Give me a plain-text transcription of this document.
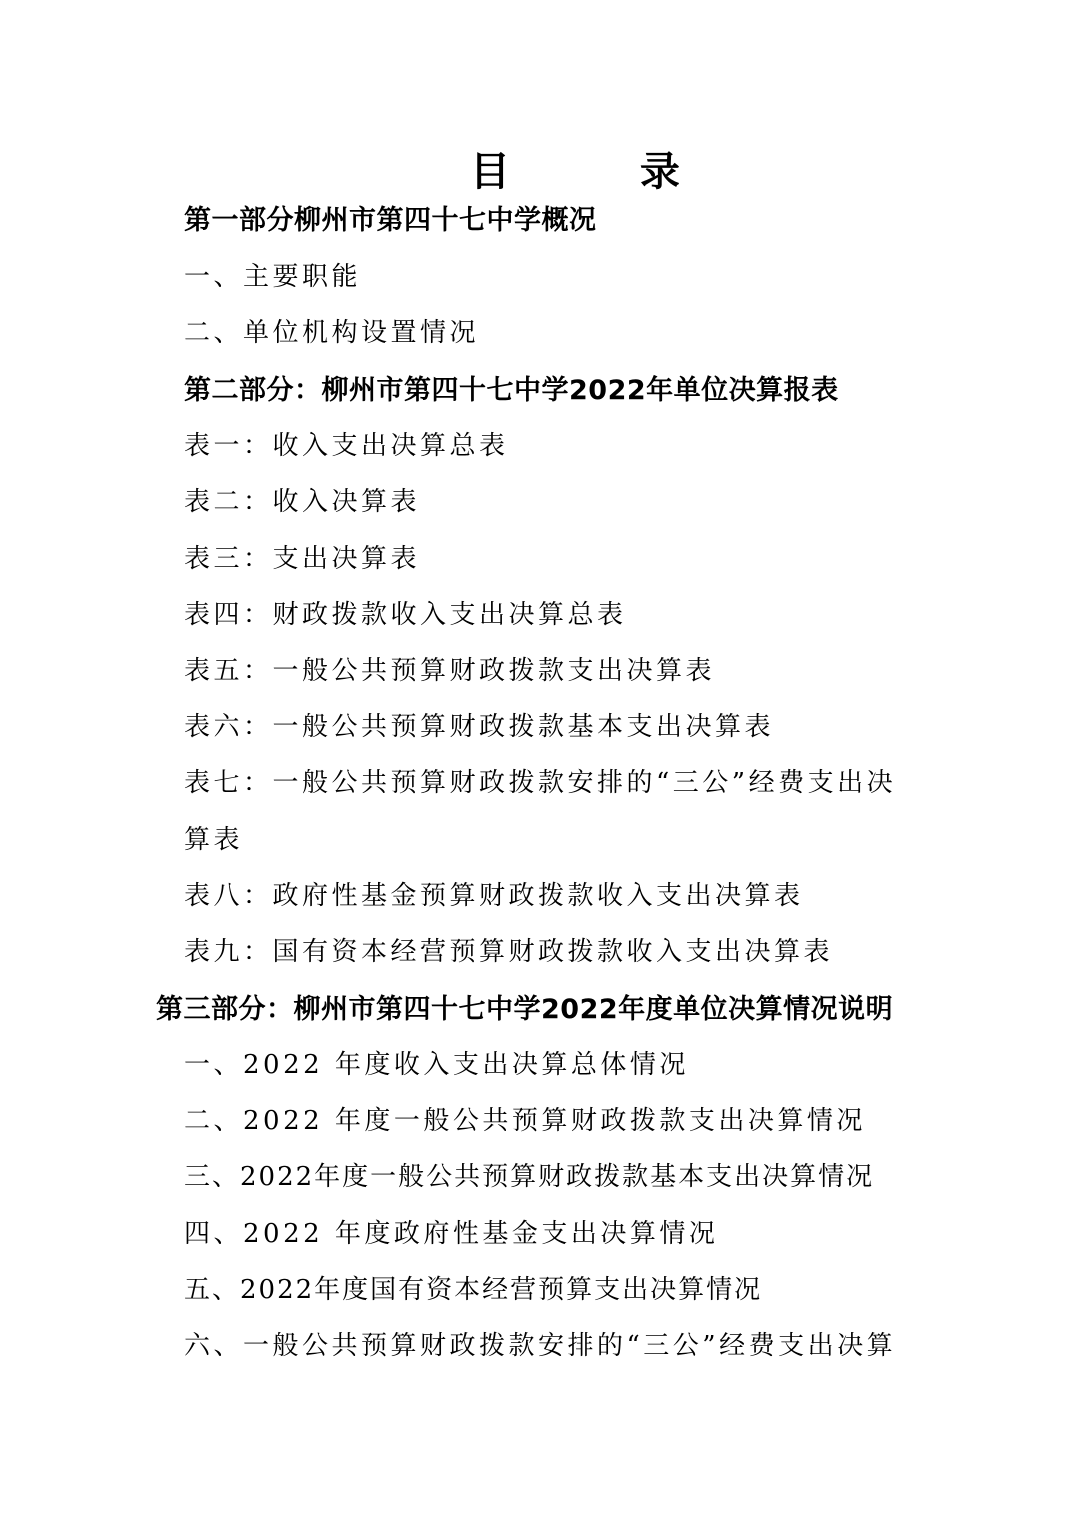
目 录
第一部分柳州市第四十七中学概况
一、主要职能
二、单位机构设置情况
第二部分：柳州市第四十七中学2022年单位决算报表
表一：收入支出决算总表
表二：收入决算表
表三：支出决算表
表四：财政拨款收入支出决算总表
表五：一般公共预算财政拨款支出决算表
表六：一般公共预算财政拨款基本支出决算表
表七：一般公共预算财政拨款安排的“三公”经费支出决
算表
表八：政府性基金预算财政拨款收入支出决算表
表九：国有资本经营预算财政拨款收入支出决算表
第三部分：柳州市第四十七中学2022年度单位决算情况说明
一、2022 年度收入支出决算总体情况
二、2022 年度一般公共预算财政拨款支出决算情况
三、2022年度一般公共预算财政拨款基本支出决算情况
四、2022 年度政府性基金支出决算情况
五、2022年度国有资本经营预算支出决算情况
六、一般公共预算财政拨款安排的“三公”经费支出决算
